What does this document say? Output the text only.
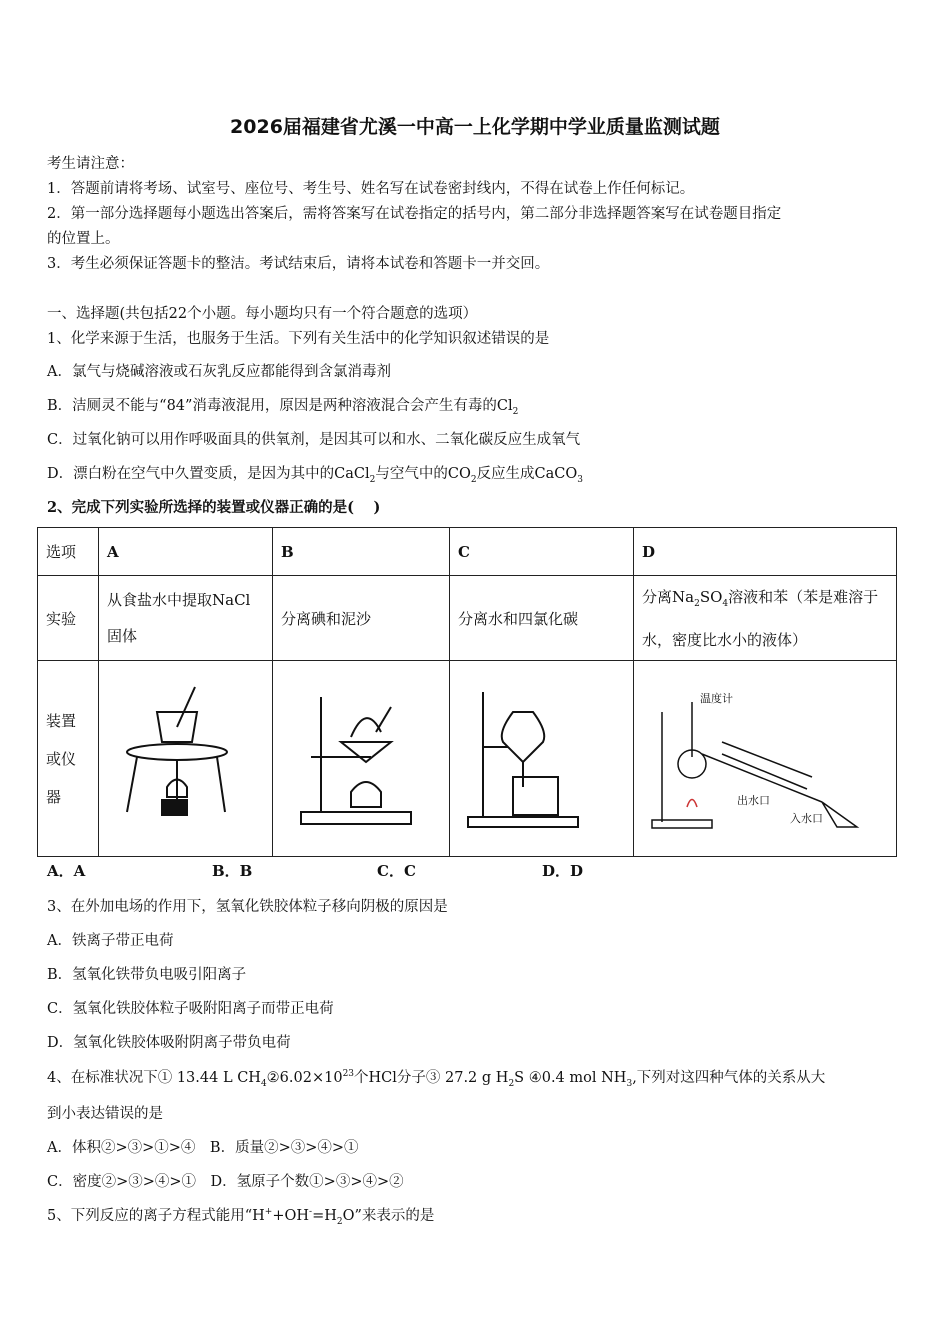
2026届福建省尤溪一中高一上化学期中学业质量监测试题
考生请注意：
1．答题前请将考场、试室号、座位号、考生号、姓名写在试卷密封线内，不得在试卷上作任何标记。
2．第一部分选择题每小题选出答案后，需将答案写在试卷指定的括号内，第二部分非选择题答案写在试卷题目指定
的位置上。
3．考生必须保证答题卡的整洁。考试结束后，请将本试卷和答题卡一并交回。
一、选择题(共包括22个小题。每小题均只有一个符合题意的选项）
1、化学来源于生活，也服务于生活。下列有关生活中的化学知识叙述错误的是
A．氯气与烧碱溶液或石灰乳反应都能得到含氯消毒剂
B．洁厕灵不能与“84”消毒液混用，原因是两种溶液混合会产生有毒的$Cl_2$
C．过氧化钠可以用作呼吸面具的供氧剂，是因其可以和水、二氧化碳反应生成氧气
D．漂白粉在空气中久置变质，是因为其中的CaCl$_2$与空气中的$CO_2$反应生成CaCO$_3$
2、完成下列实验所选择的装置或仪器正确的是(　 )
选项	A	B	C	D
实验	从食盐水中提取NaCl固体	分离碘和泥沙	分离水和四氯化碳	分离$Na_2SO_4$溶液和苯（苯是难溶于水，密度比水小的液体）
装置或仪器				温度计
出水口
入水口
A．A	B．B	C．C	D．D
3、在外加电场的作用下，氢氧化铁胶体粒子移向阴极的原因是
A．铁离子带正电荷
B．氢氧化铁带负电吸引阳离子
C．氢氧化铁胶体粒子吸附阳离子而带正电荷
D．氢氧化铁胶体吸附阴离子带负电荷
4、在标准状况下① 13.44 L $CH_4②6.02\times 10^{23}$个HCl分子③ 27.2 g $H_2S$ ④0.4 mol $NH_3$,下列对这四种气体的关系从大
到小表达错误的是
A．体积②>③>①>④　B．质量②>③>④>①
C．密度②>③>④>①　D．氢原子个数①>③>④>②
5、下列反应的离子方程式能用“$H^++OH^-=H_2O$”来表示的是
